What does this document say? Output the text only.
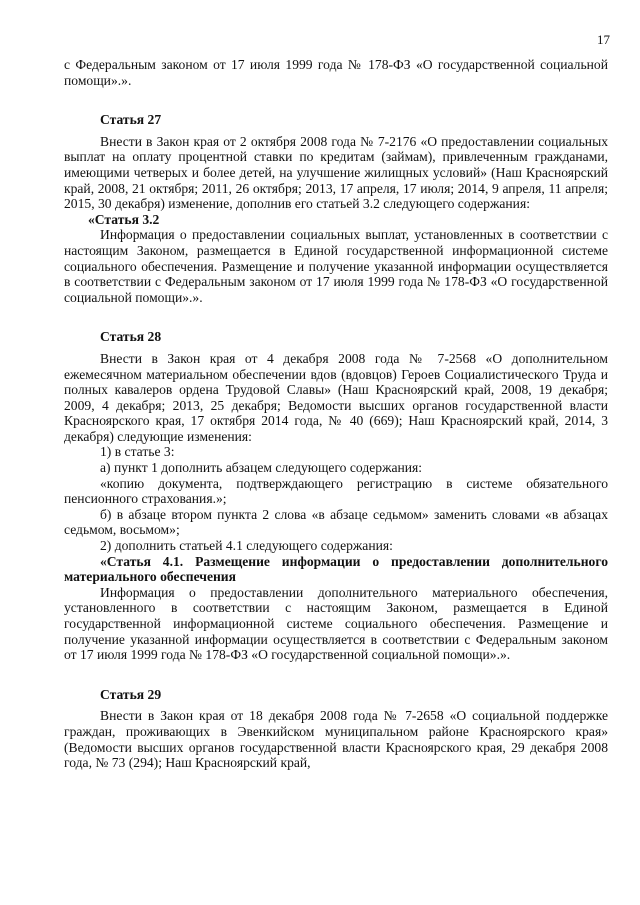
17

с Федеральным законом от 17 июля 1999 года № 178-ФЗ «О государственной социальной помощи».».

Статья 27

Внести в Закон края от 2 октября 2008 года № 7-2176 «О предоставлении социальных выплат на оплату процентной ставки по кредитам (займам), привлеченным гражданами, имеющими четверых и более детей, на улучшение жилищных условий» (Наш Красноярский край, 2008, 21 октября; 2011, 26 октября; 2013, 17 апреля, 17 июля; 2014, 9 апреля, 11 апреля; 2015, 30 декабря) изменение, дополнив его статьей 3.2 следующего содержания:

«Статья 3.2

Информация о предоставлении социальных выплат, установленных в соответствии с настоящим Законом, размещается в Единой государственной информационной системе социального обеспечения. Размещение и получение указанной информации осуществляется в соответствии с Федеральным законом от 17 июля 1999 года № 178-ФЗ «О государственной социальной помощи».».

Статья 28

Внести в Закон края от 4 декабря 2008 года № 7-2568 «О дополнительном ежемесячном материальном обеспечении вдов (вдовцов) Героев Социалистического Труда и полных кавалеров ордена Трудовой Славы» (Наш Красноярский край, 2008, 19 декабря; 2009, 4 декабря; 2013, 25 декабря; Ведомости высших органов государственной власти Красноярского края, 17 октября 2014 года, № 40 (669); Наш Красноярский край, 2014, 3 декабря) следующие изменения:

1) в статье 3:

а) пункт 1 дополнить абзацем следующего содержания:

«копию документа, подтверждающего регистрацию в системе обязательного пенсионного страхования.»;

б) в абзаце втором пункта 2 слова «в абзаце седьмом» заменить словами «в абзацах седьмом, восьмом»;

2) дополнить статьей 4.1 следующего содержания:

«Статья 4.1. Размещение информации о предоставлении дополнительного материального обеспечения

Информация о предоставлении дополнительного материального обеспечения, установленного в соответствии с настоящим Законом, размещается в Единой государственной информационной системе социального обеспечения. Размещение и получение указанной информации осуществляется в соответствии с Федеральным законом от 17 июля 1999 года № 178-ФЗ «О государственной социальной помощи».».

Статья 29

Внести в Закон края от 18 декабря 2008 года № 7-2658 «О социальной поддержке граждан, проживающих в Эвенкийском муниципальном районе Красноярского края» (Ведомости высших органов государственной власти Красноярского края, 29 декабря 2008 года, № 73 (294); Наш Красноярский край,
